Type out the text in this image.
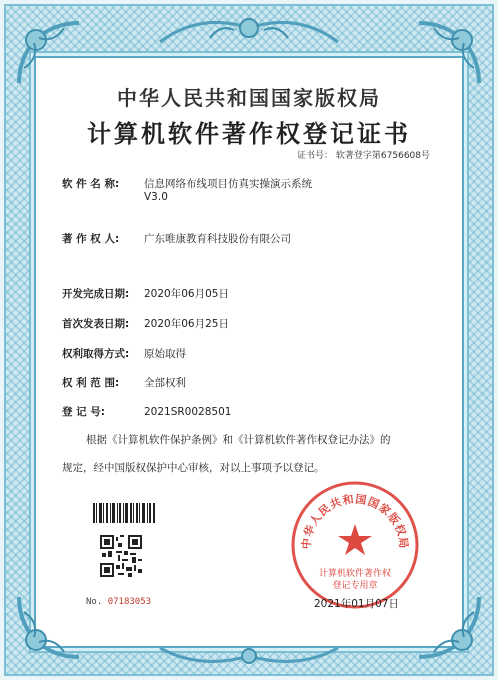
中华人民共和国国家版权局
计算机软件著作权登记证书
证书号： 软著登字第6756608号
软 件 名 称: 信息网络布线项目仿真实操演示系统
V3.0
著 作 权 人: 广东唯康教育科技股份有限公司
开发完成日期: 2020年06月05日
首次发表日期: 2020年06月25日
权利取得方式: 原始取得
权 利 范 围: 全部权利
登 记 号:	2021SR0028501
根据《计算机软件保护条例》和《计算机软件著作权登记办法》的
规定，经中国版权保护中心审核，对以上事项予以登记。
No. 07183053
中华人民共和国国家版权局
计算机软件著作权
登记专用章
2021年01月07日
